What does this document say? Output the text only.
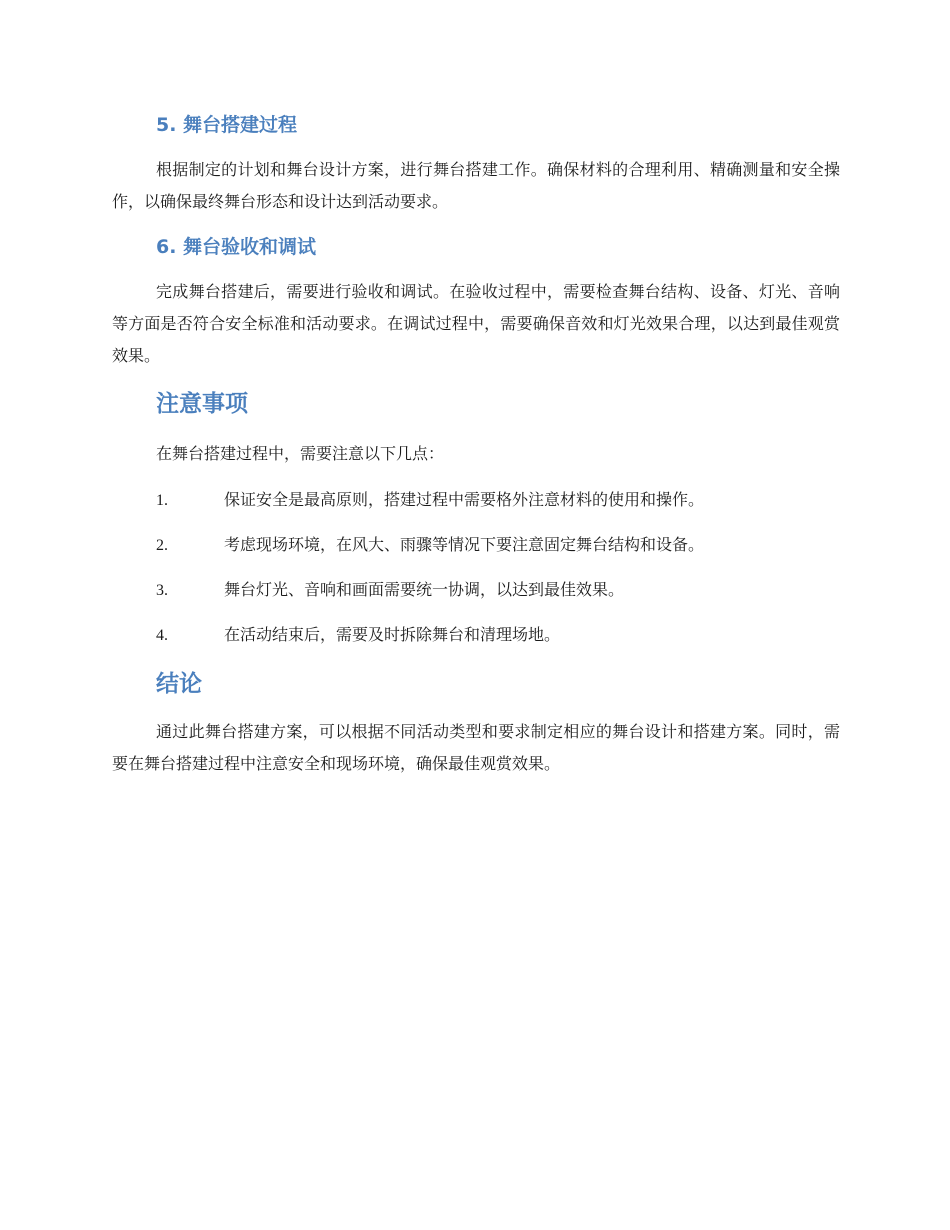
5. 舞台搭建过程

根据制定的计划和舞台设计方案，进行舞台搭建工作。确保材料的合理利用、精确测量和安全操作，以确保最终舞台形态和设计达到活动要求。

6. 舞台验收和调试

完成舞台搭建后，需要进行验收和调试。在验收过程中，需要检查舞台结构、设备、灯光、音响等方面是否符合安全标准和活动要求。在调试过程中，需要确保音效和灯光效果合理，以达到最佳观赏效果。

注意事项

在舞台搭建过程中，需要注意以下几点：

1.	保证安全是最高原则，搭建过程中需要格外注意材料的使用和操作。
2.	考虑现场环境，在风大、雨骤等情况下要注意固定舞台结构和设备。
3.	舞台灯光、音响和画面需要统一协调，以达到最佳效果。
4.	在活动结束后，需要及时拆除舞台和清理场地。
结论

通过此舞台搭建方案，可以根据不同活动类型和要求制定相应的舞台设计和搭建方案。同时，需要在舞台搭建过程中注意安全和现场环境，确保最佳观赏效果。
